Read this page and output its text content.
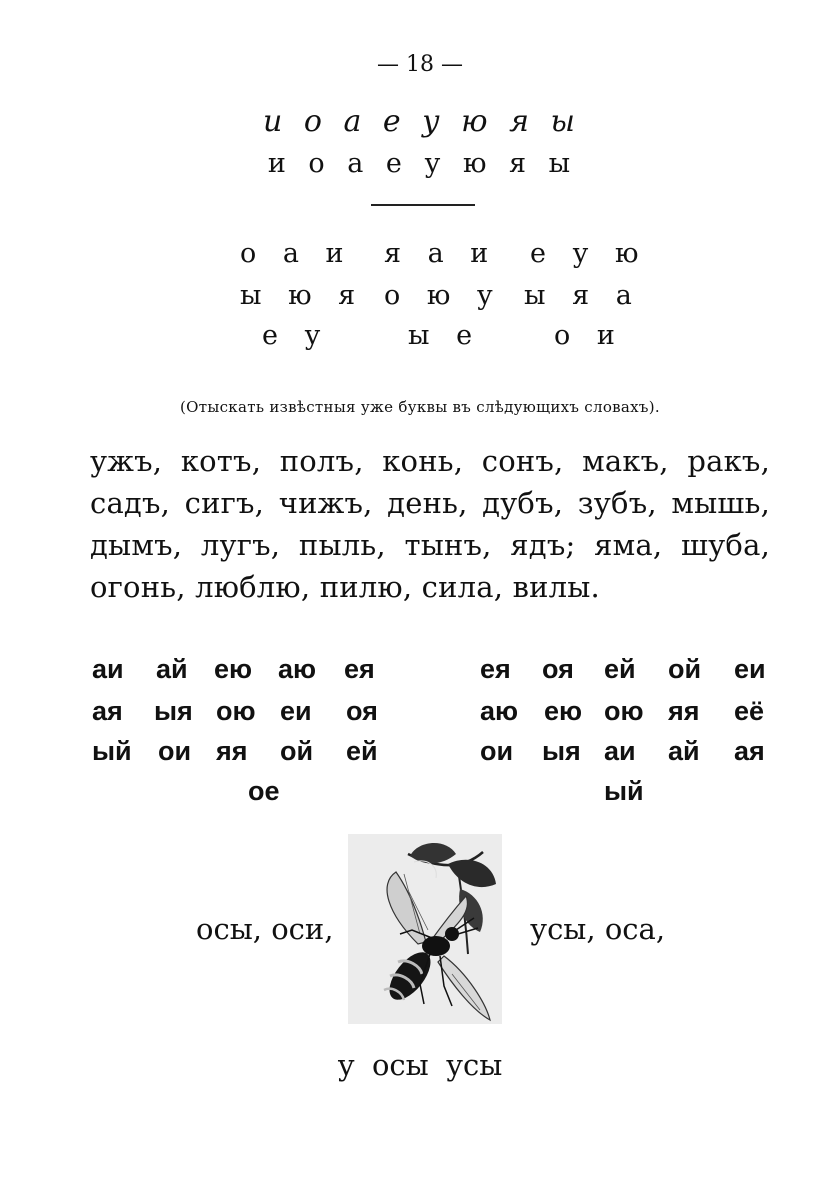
— 18 —
и о а е у ю я ы
и о а е у ю я ы
о а и я а и е у ю
ы ю я о ю у ы я а
е у	ы е	о и
(Отыскать извѣстныя уже буквы въ слѣдующихъ словахъ).
ужъ, котъ, полъ, конь, сонъ, макъ, ракъ, садъ, сигъ, чижъ, день, дубъ, зубъ, мышь, дымъ, лугъ, пыль, тынъ, ядъ; яма, шуба, огонь, люблю, пилю, сила, вилы.
аи ай ею аю ея
ая ыя ою еи оя
ый ои яя ой ей
ое
ея оя ей ой еи
аю ею ою яя её
ои ыя аи ай ая
ый
осы, оси,	усы, оса,
у осы усы
